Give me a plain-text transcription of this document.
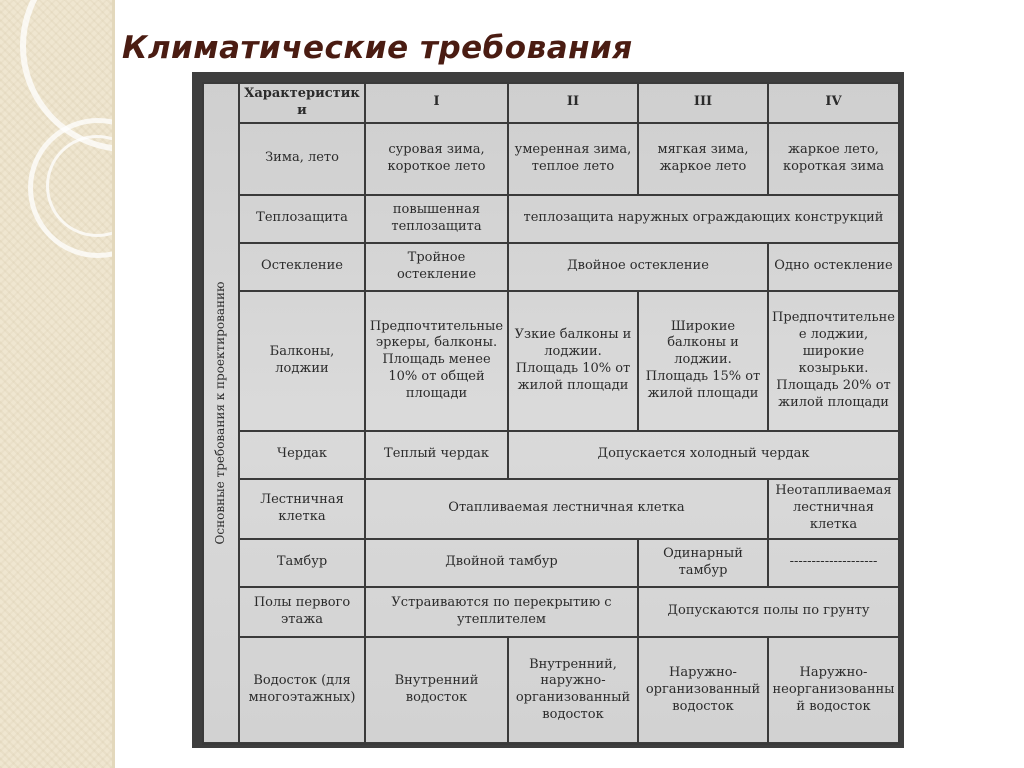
Климатические требования
Основные требования к проектированию	Характеристики	I	II	III	IV
	Зима, лето	суровая зима, короткое лето	умеренная зима, теплое лето	мягкая зима, жаркое лето	жаркое лето, короткая зима
	Теплозащита	повышенная теплозащита	теплозащита наружных ограждающих конструкций		
	Остекление	Тройное остекление	Двойное остекление		Одно остекление
	Балконы, лоджии	Предпочтительные эркеры, балконы. Площадь менее 10% от общей площади	Узкие балконы и лоджии. Площадь 10% от жилой площади	Широкие балконы и лоджии. Площадь 15% от жилой площади	Предпочтительнее лоджии, широкие козырьки. Площадь 20% от жилой площади
	Чердак	Теплый чердак	Допускается холодный чердак		
	Лестничная клетка	Отапливаемая лестничная клетка			Неотапливаемая лестничная клетка
	Тамбур	Двойной тамбур		Одинарный тамбур	--------------------
	Полы первого этажа	Устраиваются по перекрытию с утеплителем		Допускаются полы по грунту	
	Водосток (для многоэтажных)	Внутренний водосток	Внутренний, наружно-организованный водосток	Наружно-организованный водосток	Наружно-неорганизованный водосток
